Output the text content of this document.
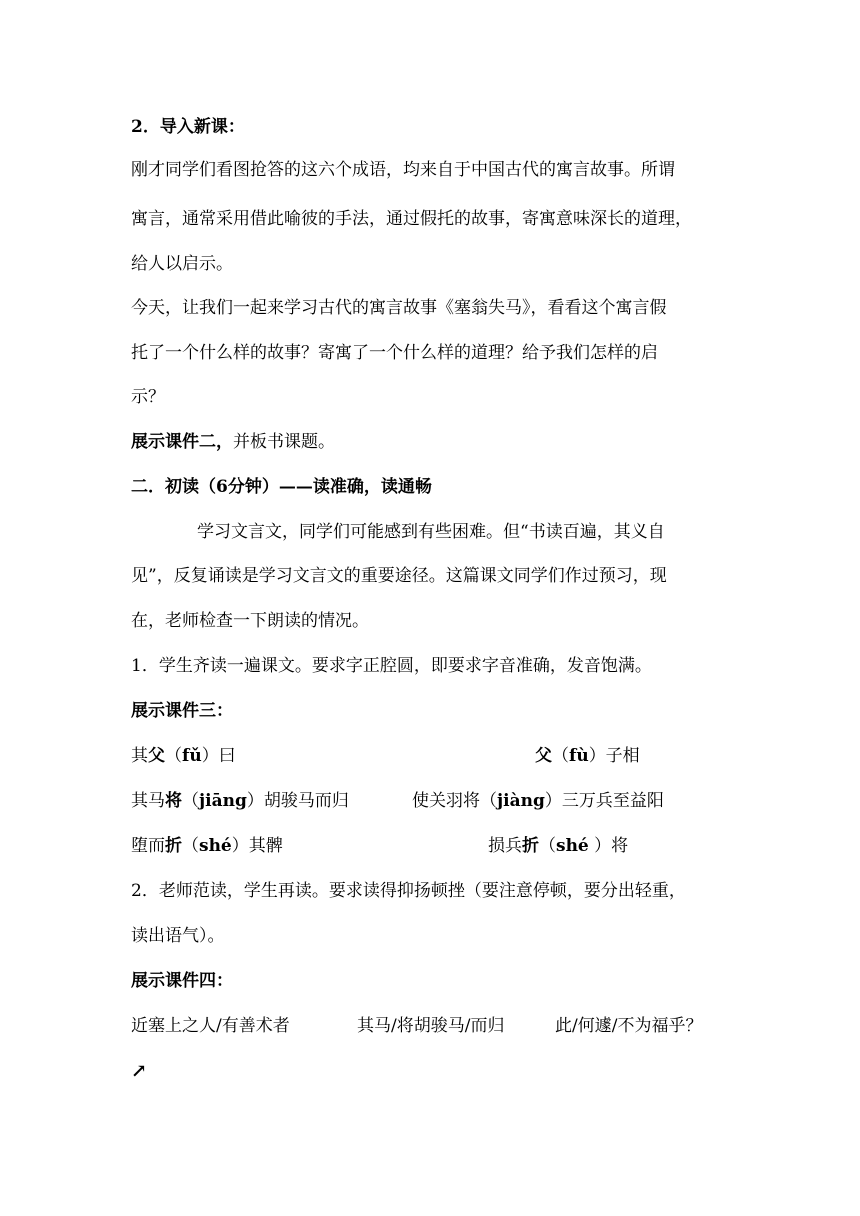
2．导入新课：
刚才同学们看图抢答的这六个成语，均来自于中国古代的寓言故事。所谓
寓言，通常采用借此喻彼的手法，通过假托的故事，寄寓意味深长的道理，
给人以启示。
今天，让我们一起来学习古代的寓言故事《塞翁失马》，看看这个寓言假
托了一个什么样的故事？寄寓了一个什么样的道理？给予我们怎样的启
示？
展示课件二，并板书课题。
二．初读（6分钟）——读准确，读通畅
学习文言文，同学们可能感到有些困难。但“书读百遍，其义自
见”，反复诵读是学习文言文的重要途径。这篇课文同学们作过预习，现
在，老师检查一下朗读的情况。
1．学生齐读一遍课文。要求字正腔圆，即要求字音准确，发音饱满。
展示课件三：
其父（fǔ）曰	父（fù）子相
其马将（jiāng）胡骏马而归	使关羽将（jiàng）三万兵至益阳
堕而折（shé）其髀	损兵折（shé ）将
2．老师范读，学生再读。要求读得抑扬顿挫（要注意停顿，要分出轻重，
读出语气）。
展示课件四：
近塞上之人/有善术者	其马/将胡骏马/而归	此/何遽/不为福乎？
↗
